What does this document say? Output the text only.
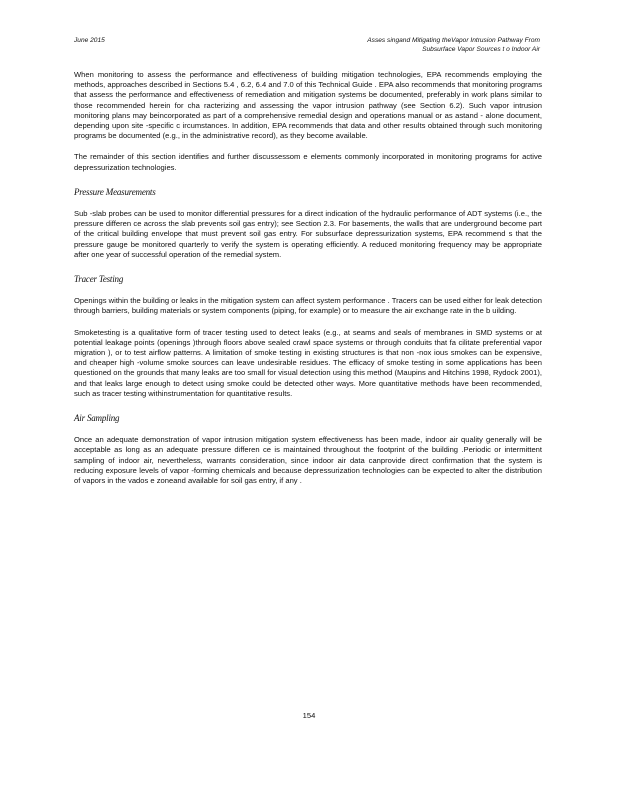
June 2015	Asses singand Mitigating theVapor Intrusion Pathway From
Subsurface Vapor Sources t o Indoor Air

When monitoring to assess the performance and effectiveness of building mitigation technologies, EPA recommends employing the methods, approaches described in Sections 5.4 , 6.2, 6.4 and 7.0 of this Technical Guide . EPA also recommends that monitoring programs that assess the performance and effectiveness of remediation and mitigation systems be documented, preferably in work plans similar to those recommended herein for cha racterizing and assessing the vapor intrusion pathway (see Section 6.2). Such vapor intrusion monitoring plans may beincorporated as part of a comprehensive remedial design and operations manual or as astand - alone document, depending upon site -specific c ircumstances. In addition, EPA recommends that data and other results obtained through such monitoring programs be documented (e.g., in the administrative record), as they become available.

The remainder of this section identifies and further discussessom e elements commonly incorporated in monitoring programs for active depressurization technologies.

Pressure Measurements

Sub -slab probes can be used to monitor differential pressures for a direct indication of the hydraulic performance of ADT systems (i.e., the pressure differen ce across the slab prevents soil gas entry); see Section 2.3. For basements, the walls that are underground become part of the critical building envelope that must prevent soil gas entry. For subsurface depressurization systems, EPA recommend s that the pressure gauge be monitored quarterly to verify the system is operating efficiently. A reduced monitoring frequency may be appropriate after one year of successful operation of the remedial system.

Tracer Testing

Openings within the building or leaks in the mitigation system can affect system performance . Tracers can be used either for leak detection through barriers, building materials or system components (piping, for example) or to measure the air exchange rate in the b uilding.

Smoketesting is a qualitative form of tracer testing used to detect leaks (e.g., at seams and seals of membranes in SMD systems or at potential leakage points (openings )through floors above sealed crawl space systems or through conduits that fa cilitate preferential vapor migration ), or to test airflow patterns. A limitation of smoke testing in existing structures is that non -nox ious smokes can be expensive, and cheaper high -volume smoke sources can leave undesirable residues. The efficacy of smoke testing in some applications has been questioned on the grounds that many leaks are too small for visual detection using this method (Maupins and Hitchins 1998, Rydock 2001), and that leaks large enough to detect using smoke could be detected other ways. More quantitative methods have been recommended, such as tracer testing withinstrumentation for quantitative results.

Air Sampling

Once an adequate demonstration of vapor intrusion mitigation system effectiveness has been made, indoor air quality generally will be acceptable as long as an adequate pressure differen ce is maintained throughout the footprint of the building .Periodic or intermittent sampling of indoor air, nevertheless, warrants consideration, since indoor air data canprovide direct confirmation that the system is reducing exposure levels of vapor -forming chemicals and because depressurization technologies can be expected to alter the distribution of vapors in the vados e zoneand available for soil gas entry, if any .

154
